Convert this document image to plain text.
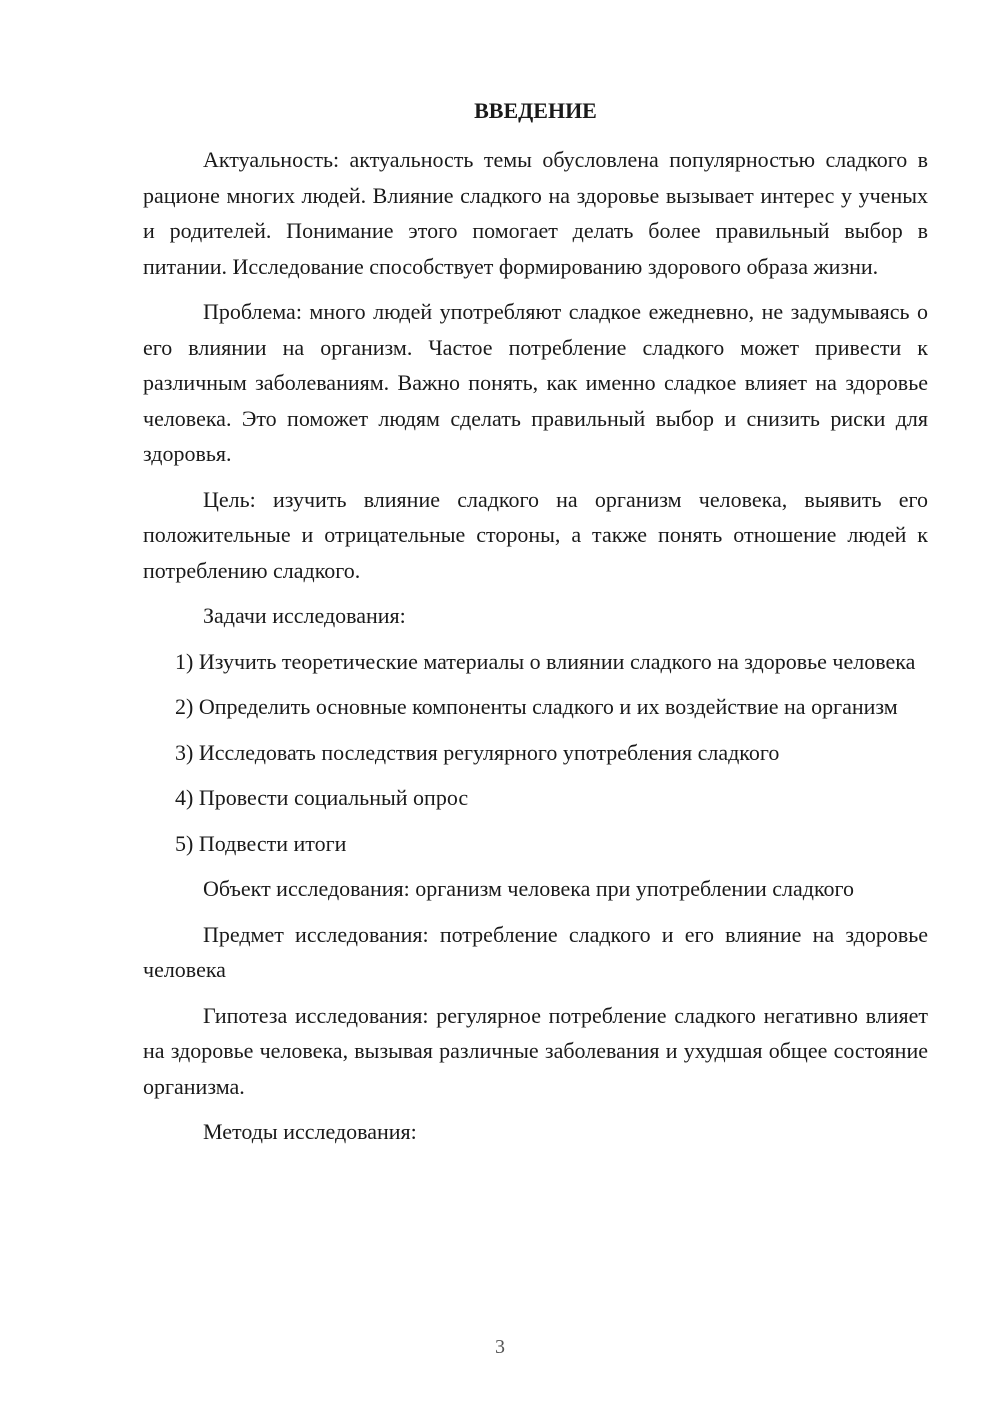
ВВЕДЕНИЕ

Актуальность: актуальность темы обусловлена популярностью сладкого в рационе многих людей. Влияние сладкого на здоровье вызывает интерес у ученых и родителей. Понимание этого помогает делать более правильный выбор в питании. Исследование способствует формированию здорового образа жизни.

Проблема: много людей употребляют сладкое ежедневно, не задумываясь о его влиянии на организм. Частое потребление сладкого может привести к различным заболеваниям. Важно понять, как именно сладкое влияет на здоровье человека. Это поможет людям сделать правильный выбор и снизить риски для здоровья.

Цель: изучить влияние сладкого на организм человека, выявить его положительные и отрицательные стороны, а также понять отношение людей к потреблению сладкого.

Задачи исследования:

1) Изучить теоретические материалы о влиянии сладкого на здоровье человека

2) Определить основные компоненты сладкого и их воздействие на организм

3) Исследовать последствия регулярного употребления сладкого

4) Провести социальный опрос

5) Подвести итоги

Объект исследования: организм человека при употреблении сладкого

Предмет исследования: потребление сладкого и его влияние на здоровье человека

Гипотеза исследования: регулярное потребление сладкого негативно влияет на здоровье человека, вызывая различные заболевания и ухудшая общее состояние организма.

Методы исследования:

3
